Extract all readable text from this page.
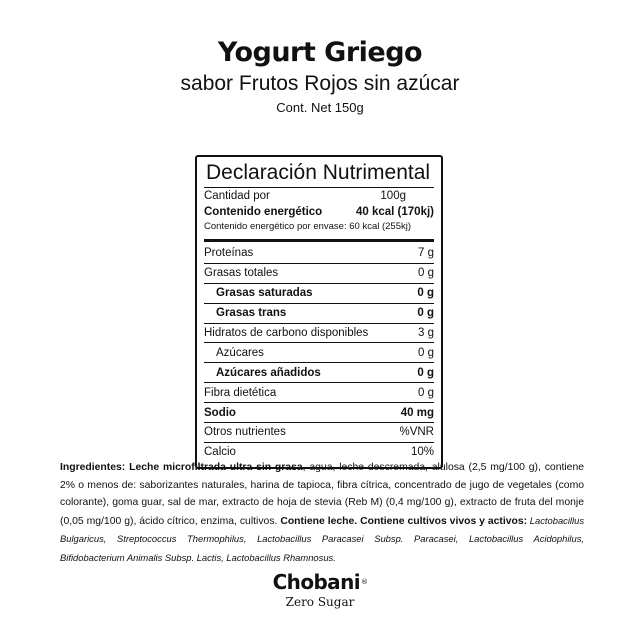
Yogurt Griego
sabor Frutos Rojos sin azúcar
Cont. Net 150g
Declaración Nutrimental
Cantidad por	100g
Contenido energético	40 kcal (170kj)
Contenido energético por envase: 60 kcal (255kj)
Proteínas	7 g
Grasas totales	0 g
Grasas saturadas	0 g
Grasas trans	0 g
Hidratos de carbono disponibles	3 g
Azúcares	0 g
Azúcares añadidos	0 g
Fibra dietética	0 g
Sodio	40 mg
Otros nutrientes	%VNR
Calcio	10%
Ingredientes: Leche microfiltrada ultra sin grasa, agua, leche descremada, alulosa (2,5 mg/100 g), contiene 2% o menos de: saborizantes naturales, harina de tapioca, fibra cítrica, concentrado de jugo de vegetales (como colorante), goma guar, sal de mar, extracto de hoja de stevia (Reb M) (0,4 mg/100 g), extracto de fruta del monje (0,05 mg/100 g), ácido cítrico, enzima, cultivos. Contiene leche. Contiene cultivos vivos y activos: Lactobacillus Bulgaricus, Streptococcus Thermophilus, Lactobacillus Paracasei Subsp. Paracasei, Lactobacillus Acidophilus, Bifidobacterium Animalis Subsp. Lactis, Lactobacillus Rhamnosus.
Chobani®
Zero Sugar
